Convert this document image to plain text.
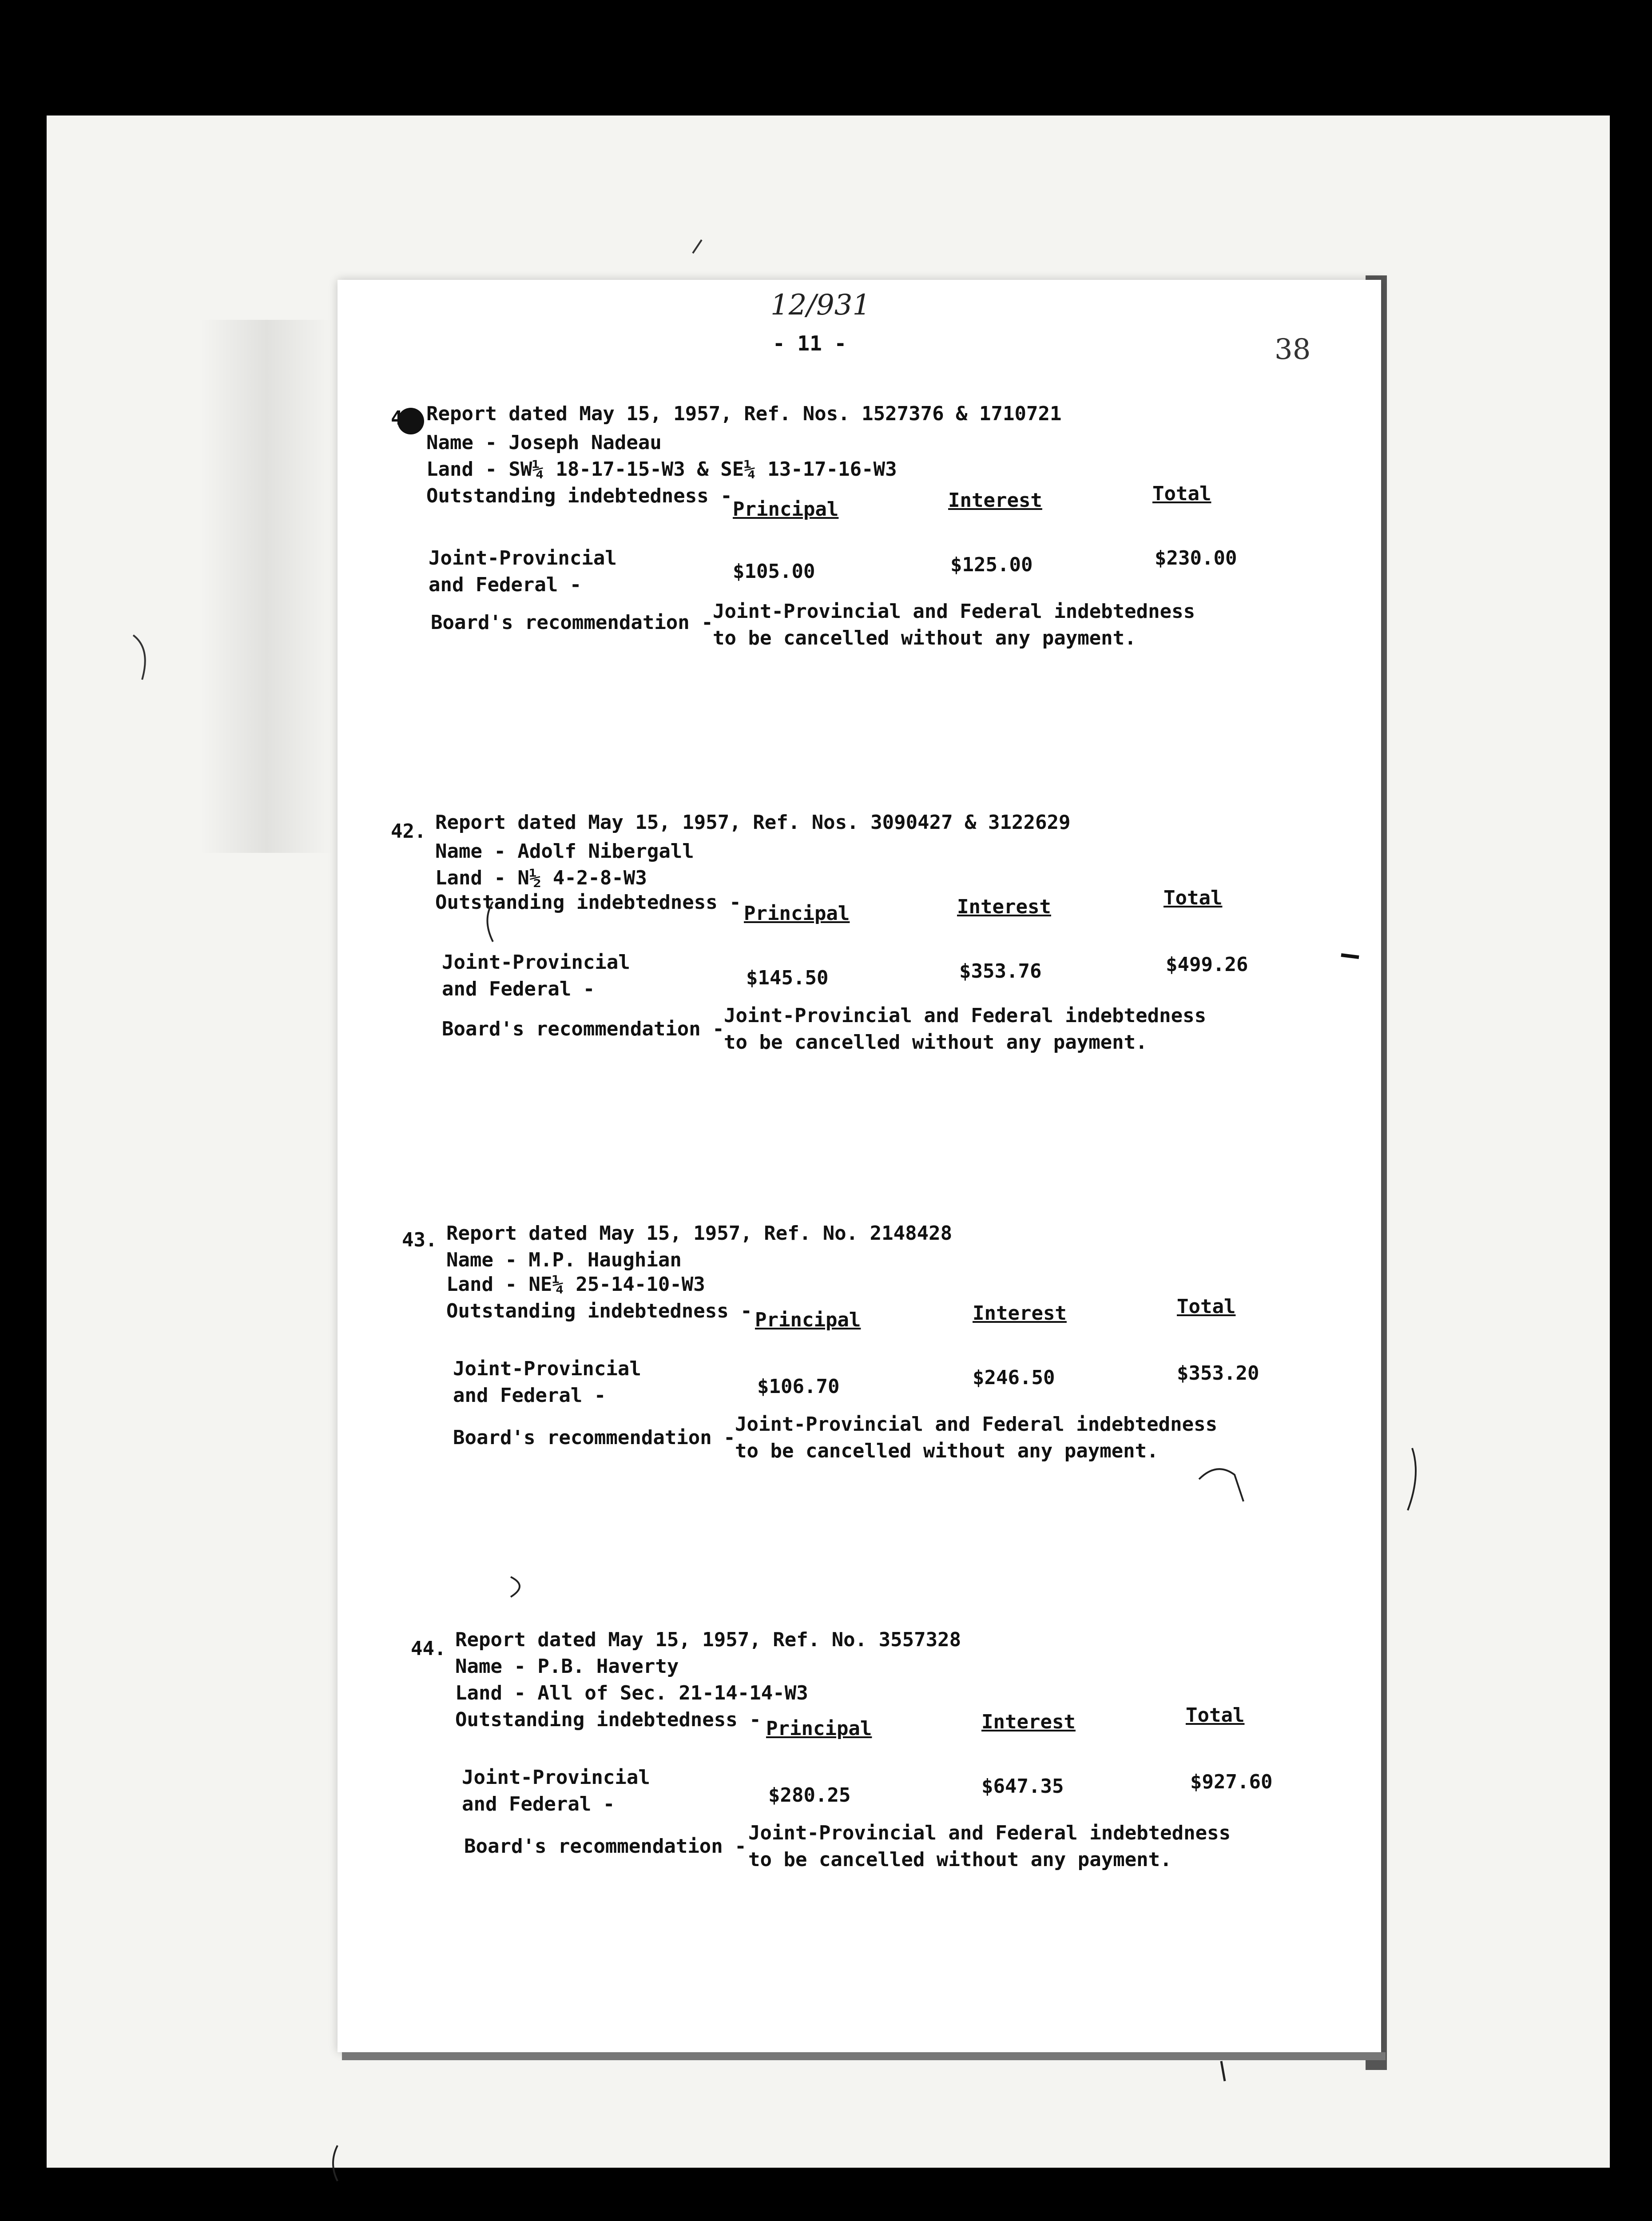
12/931
- 11 -	38
41. Report dated May 15, 1957, Ref. Nos. 1527376 & 1710721
Name - Joseph Nadeau
Land - SW¼ 18-17-15-W3 & SE¼ 13-17-16-W3
Outstanding indebtedness -
Principal	Interest	Total
Joint-Provincial
and Federal -
$105.00	$125.00	$230.00
Board's recommendation - Joint-Provincial and Federal indebtedness
to be cancelled without any payment.
42. Report dated May 15, 1957, Ref. Nos. 3090427 & 3122629
Name - Adolf Nibergall
Land - N½ 4-2-8-W3
Outstanding indebtedness - Principal	Interest	Total
Joint-Provincial
and Federal -	$145.50	$353.76	$499.26
Board's recommendation -
Joint-Provincial and Federal indebtedness
to be cancelled without any payment.
43. Report dated May 15, 1957, Ref. No. 2148428
Name - M.P. Haughian
Land - NE¼ 25-14-10-W3
Outstanding indebtedness - Principal	Interest	Total
Joint-Provincial
and Federal -	$106.70	$246.50	$353.20
Board's recommendation -
Joint-Provincial and Federal indebtedness
to be cancelled without any payment.
44. Report dated May 15, 1957, Ref. No. 3557328
Name - P.B. Haverty
Land - All of Sec. 21-14-14-W3
Outstanding indebtedness - Principal	Interest	Total
Joint-Provincial
and Federal -	$280.25	$647.35	$927.60
Board's recommendation -
Joint-Provincial and Federal indebtedness
to be cancelled without any payment.
